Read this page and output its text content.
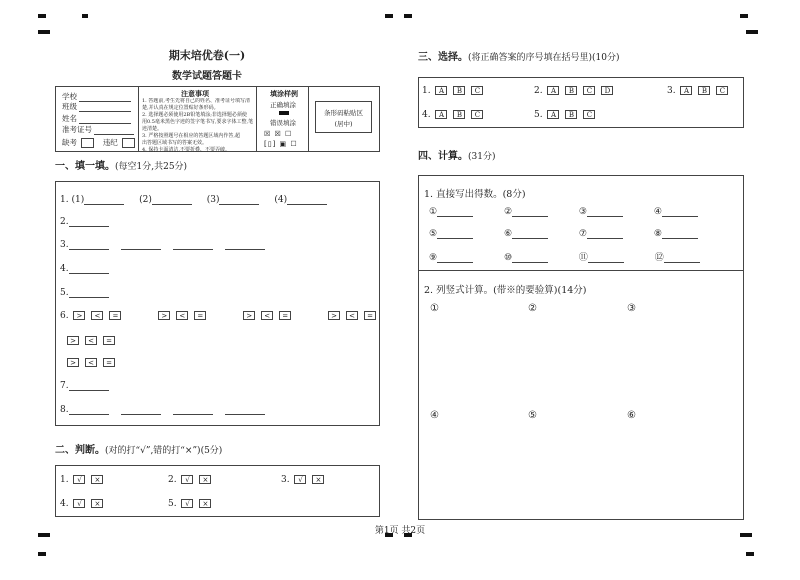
期末培优卷(一)
数学试题答题卡
学校
班级
姓名
准考证号
缺考	违纪
注意事项
1. 答题前,考生先将自己的姓名、准考证号填写清
楚,并认真在规定位置贴好条形码。
2. 选择题必须使用2B铅笔填涂;非选择题必须使
用0.5毫米黑色字迹的签字笔书写,要求字体工整,笔迹清楚。
3. 严格按照题号在相应的答题区域内作答,超
出答题区域书写的答案无效。
4. 保持卡面清洁,不要折叠、不要弄破。
填涂样例
正确填涂
错误填涂
☒ ☒ ☐
[▯] ▣ ☐
条形码粘贴区
(居中)
一、填一填。(每空1分,共25分)
1. (1)	(2)	(3)	(4)
2.
3.
4.
5.
6. > < =	> < =	> < =	> < =
> < =
> < =
7.
8.
二、判断。(对的打“√”,错的打“×”)(5分)
1. √ ×	2. √ ×	3. √ ×
4. √ ×	5. √ ×
三、选择。(将正确答案的序号填在括号里)(10分)
1. A B C	2. A B C D	3. A B C
4. A B C	5. A B C
四、计算。(31分)
1. 直接写出得数。(8分)
①	②	③	④
⑤	⑥	⑦	⑧
⑨	⑩	⑪	⑫
2. 列竖式计算。(带※的要验算)(14分)
①	②	③
④	⑤	⑥
第1页 共2页
